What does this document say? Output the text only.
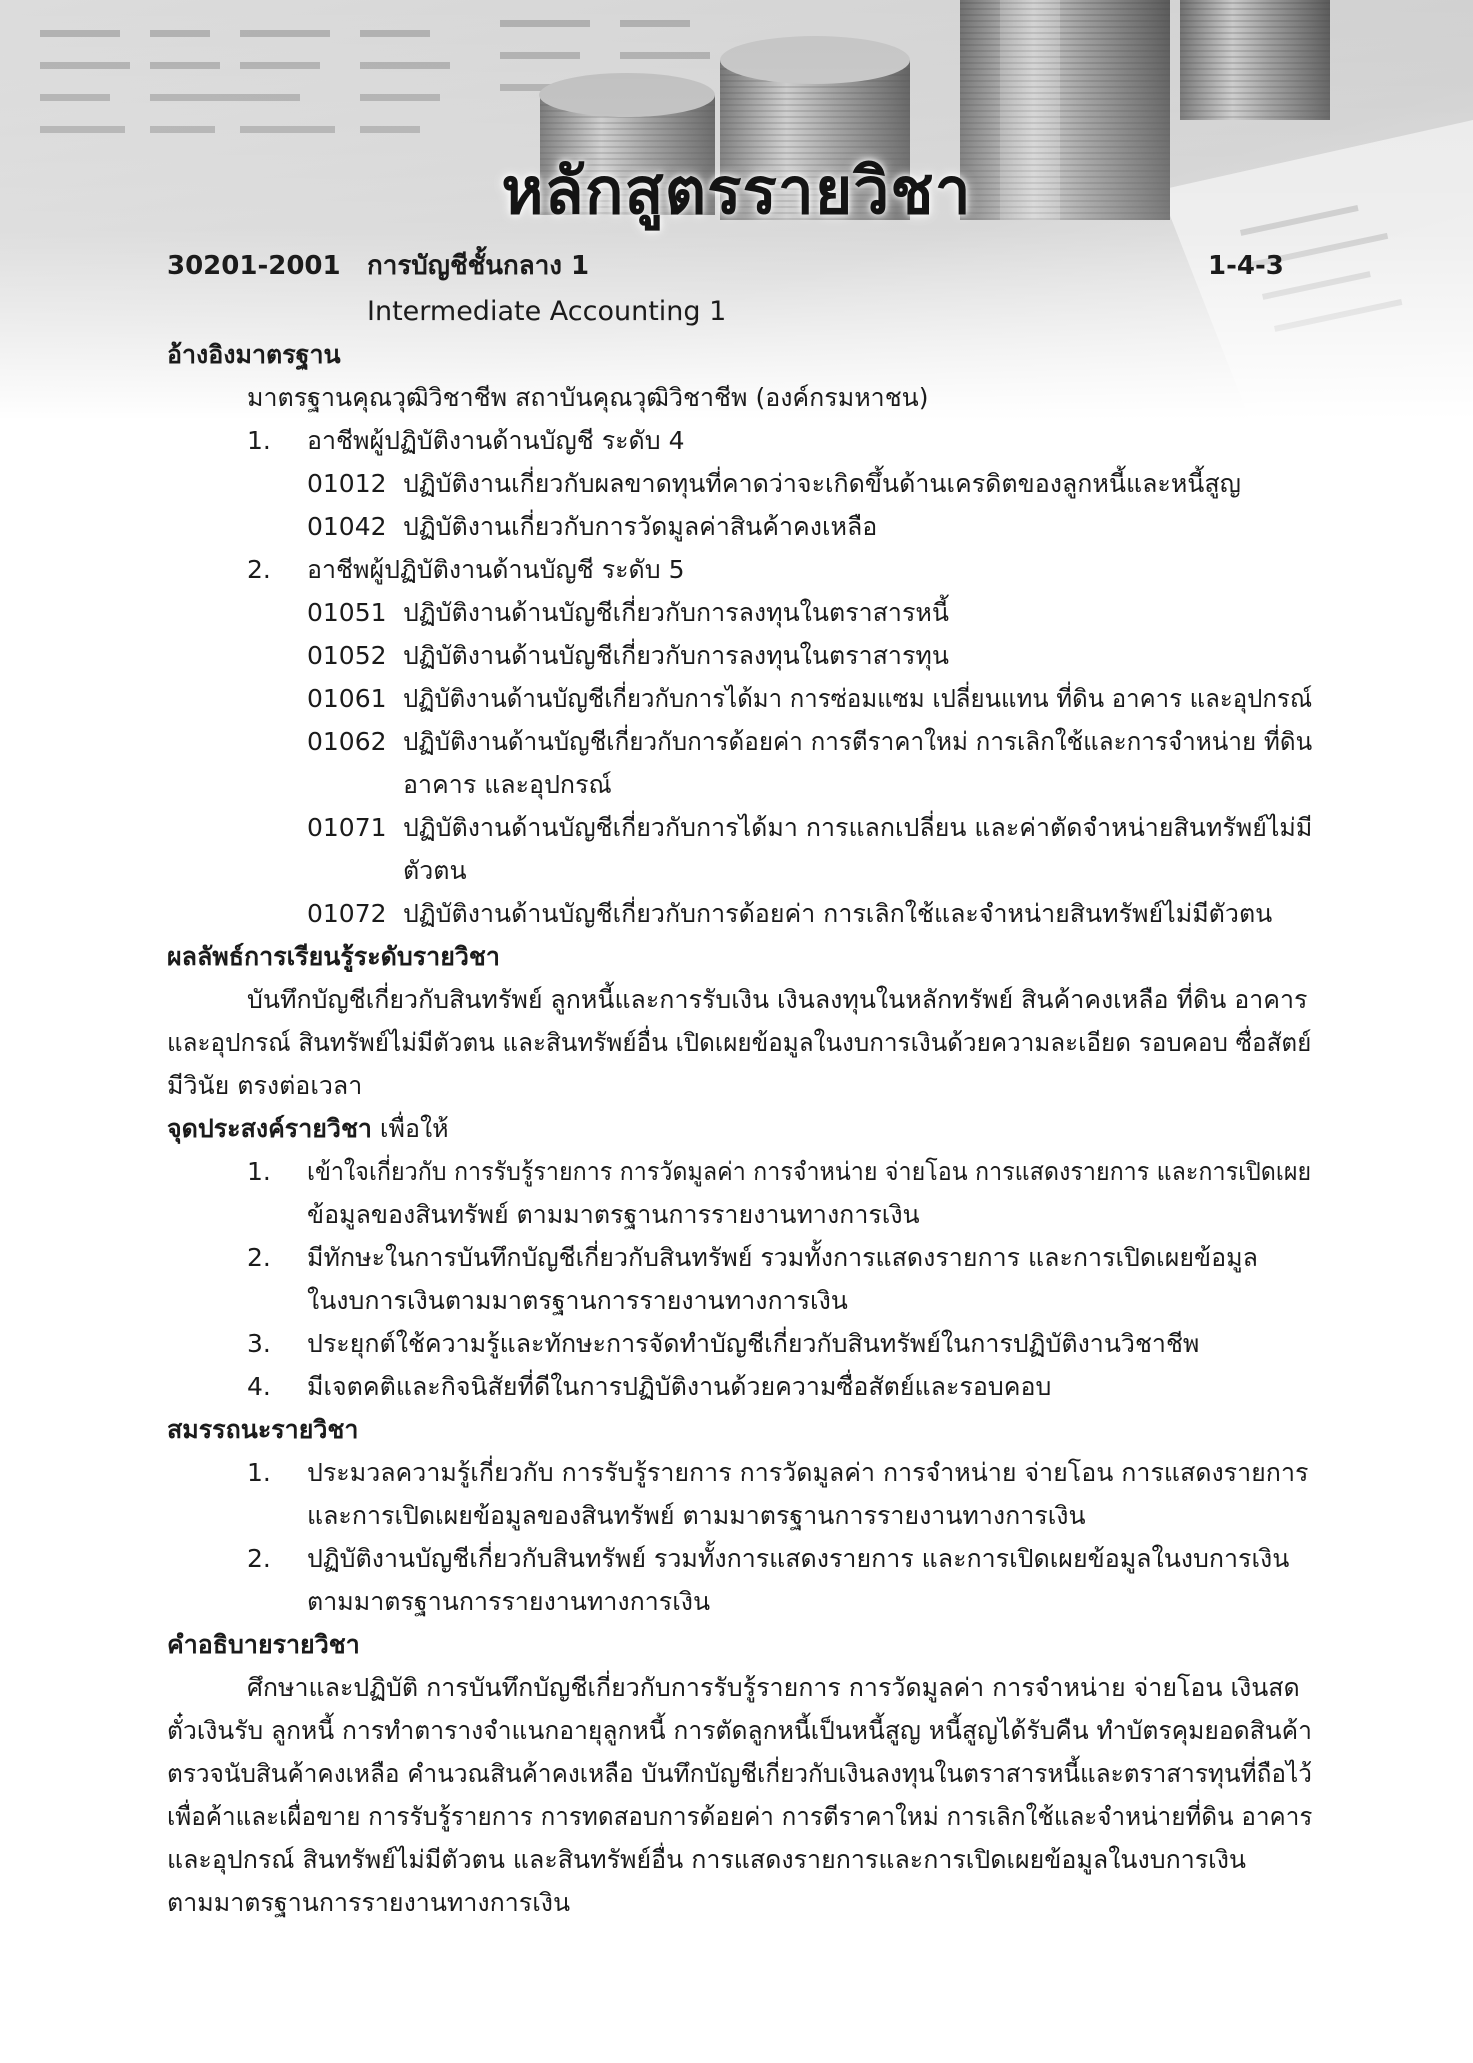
หลักสูตรรายวิชา
30201-2001 การบัญชีชั้นกลาง 1	1-4-3
Intermediate Accounting 1
อ้างอิงมาตรฐาน
มาตรฐานคุณวุฒิวิชาชีพ สถาบันคุณวุฒิวิชาชีพ (องค์กรมหาชน)
1. อาชีพผู้ปฏิบัติงานด้านบัญชี ระดับ 4
01012 ปฏิบัติงานเกี่ยวกับผลขาดทุนที่คาดว่าจะเกิดขึ้นด้านเครดิตของลูกหนี้และหนี้สูญ
01042 ปฏิบัติงานเกี่ยวกับการวัดมูลค่าสินค้าคงเหลือ
2. อาชีพผู้ปฏิบัติงานด้านบัญชี ระดับ 5
01051 ปฏิบัติงานด้านบัญชีเกี่ยวกับการลงทุนในตราสารหนี้
01052 ปฏิบัติงานด้านบัญชีเกี่ยวกับการลงทุนในตราสารทุน
01061 ปฏิบัติงานด้านบัญชีเกี่ยวกับการได้มา การซ่อมแซม เปลี่ยนแทน ที่ดิน อาคาร และอุปกรณ์
01062 ปฏิบัติงานด้านบัญชีเกี่ยวกับการด้อยค่า การตีราคาใหม่ การเลิกใช้และการจำหน่าย ที่ดิน
อาคาร และอุปกรณ์
01071 ปฏิบัติงานด้านบัญชีเกี่ยวกับการได้มา การแลกเปลี่ยน และค่าตัดจำหน่ายสินทรัพย์ไม่มี
ตัวตน
01072 ปฏิบัติงานด้านบัญชีเกี่ยวกับการด้อยค่า การเลิกใช้และจำหน่ายสินทรัพย์ไม่มีตัวตน
ผลลัพธ์การเรียนรู้ระดับรายวิชา
บันทึกบัญชีเกี่ยวกับสินทรัพย์ ลูกหนี้และการรับเงิน เงินลงทุนในหลักทรัพย์ สินค้าคงเหลือ ที่ดิน อาคาร
และอุปกรณ์ สินทรัพย์ไม่มีตัวตน และสินทรัพย์อื่น เปิดเผยข้อมูลในงบการเงินด้วยความละเอียด รอบคอบ ซื่อสัตย์
มีวินัย ตรงต่อเวลา
จุดประสงค์รายวิชา เพื่อให้
1. เข้าใจเกี่ยวกับ การรับรู้รายการ การวัดมูลค่า การจำหน่าย จ่ายโอน การแสดงรายการ และการเปิดเผย
ข้อมูลของสินทรัพย์ ตามมาตรฐานการรายงานทางการเงิน
2. มีทักษะในการบันทึกบัญชีเกี่ยวกับสินทรัพย์ รวมทั้งการแสดงรายการ และการเปิดเผยข้อมูล
ในงบการเงินตามมาตรฐานการรายงานทางการเงิน
3. ประยุกต์ใช้ความรู้และทักษะการจัดทำบัญชีเกี่ยวกับสินทรัพย์ในการปฏิบัติงานวิชาชีพ
4. มีเจตคติและกิจนิสัยที่ดีในการปฏิบัติงานด้วยความซื่อสัตย์และรอบคอบ
สมรรถนะรายวิชา
1. ประมวลความรู้เกี่ยวกับ การรับรู้รายการ การวัดมูลค่า การจำหน่าย จ่ายโอน การแสดงรายการ
และการเปิดเผยข้อมูลของสินทรัพย์ ตามมาตรฐานการรายงานทางการเงิน
2. ปฏิบัติงานบัญชีเกี่ยวกับสินทรัพย์ รวมทั้งการแสดงรายการ และการเปิดเผยข้อมูลในงบการเงิน
ตามมาตรฐานการรายงานทางการเงิน
คำอธิบายรายวิชา
ศึกษาและปฏิบัติ การบันทึกบัญชีเกี่ยวกับการรับรู้รายการ การวัดมูลค่า การจำหน่าย จ่ายโอน เงินสด
ตั๋วเงินรับ ลูกหนี้ การทำตารางจำแนกอายุลูกหนี้ การตัดลูกหนี้เป็นหนี้สูญ หนี้สูญได้รับคืน ทำบัตรคุมยอดสินค้า
ตรวจนับสินค้าคงเหลือ คำนวณสินค้าคงเหลือ บันทึกบัญชีเกี่ยวกับเงินลงทุนในตราสารหนี้และตราสารทุนที่ถือไว้
เพื่อค้าและเผื่อขาย การรับรู้รายการ การทดสอบการด้อยค่า การตีราคาใหม่ การเลิกใช้และจำหน่ายที่ดิน อาคาร
และอุปกรณ์ สินทรัพย์ไม่มีตัวตน และสินทรัพย์อื่น การแสดงรายการและการเปิดเผยข้อมูลในงบการเงิน
ตามมาตรฐานการรายงานทางการเงิน
